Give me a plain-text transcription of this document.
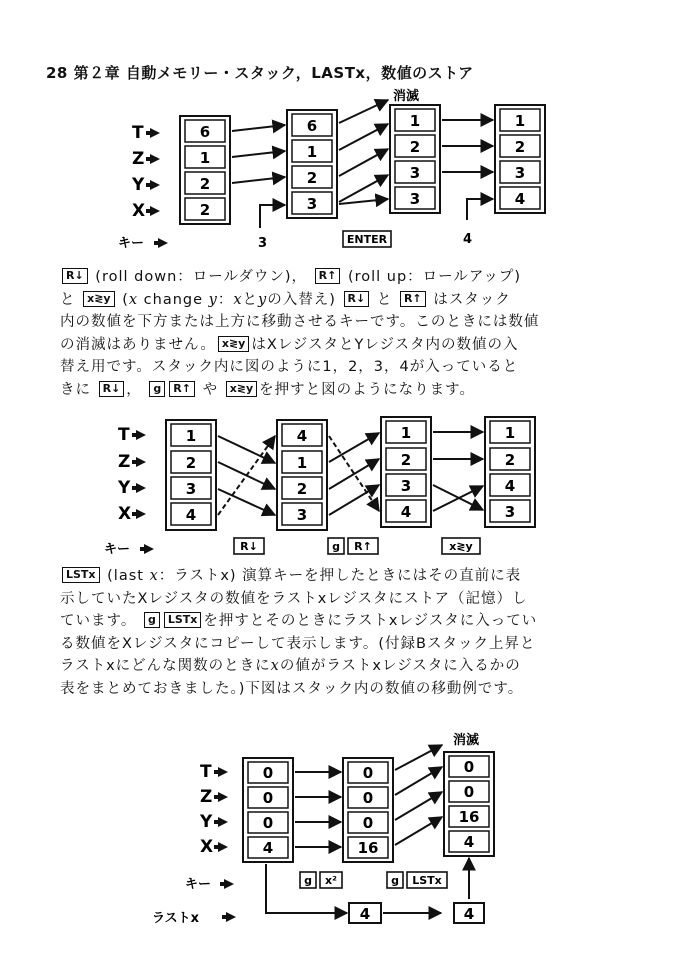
28 第２章 自動メモリー・スタック，LASTx，数値のストア
T
Z
Y
X
6
1
2
2
6
1
2
3
1
2
3
3
1
2
3
4
消滅
キー	3	ENTER	4
R↓ (roll down：ロールダウン)， R↑ (roll up：ロールアップ)
と x≷y (x change y：xとyの入替え) R↓ と R↑ はスタック
内の数値を下方または上方に移動させるキーです。このときには数値
の消滅はありません。 x≷y はXレジスタとYレジスタ内の数値の入
替え用です。スタック内に図のように1，2，3，4が入っていると
きに R↓ ， g R↑ や x≷y を押すと図のようになります。
T
Z
Y
X
1
2
3
4
4
1
2
3
1
2
3
4
1
2
4
3
キー	R↓	g R↑	x≷y
LSTx (last x：ラストx) 演算キーを押したときにはその直前に表
示していたXレジスタの数値をラストxレジスタにストア（記憶）し
ています。 g LSTx を押すとそのときにラストxレジスタに入ってい
る数値をXレジスタにコピーして表示します。(付録Bスタック上昇と
ラストxにどんな関数のときにxの値がラストxレジスタに入るかの
表をまとめておきました。)下図はスタック内の数値の移動例です。
消滅
T
Z
Y
X
0
0
0
4
0
0
0
16
0
0
16
4
キー	g x²	g LSTx
ラストx	4	4
